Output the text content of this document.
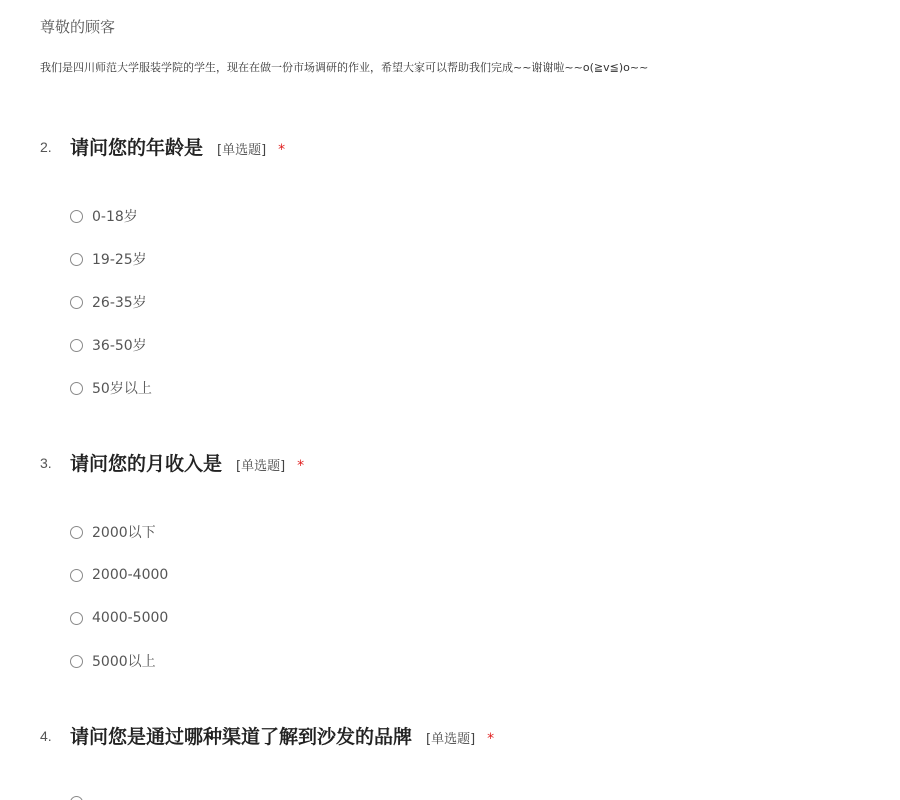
尊敬的顾客
我们是四川师范大学服装学院的学生，现在在做一份市场调研的作业，希望大家可以帮助我们完成~~谢谢啦~~o(≧v≦)o~~
2. 请问您的年龄是 [单选题] *
0-18岁
19-25岁
26-35岁
36-50岁
50岁以上
3. 请问您的月收入是 [单选题] *
2000以下
2000-4000
4000-5000
5000以上
4. 请问您是通过哪种渠道了解到沙发的品牌 [单选题] *
